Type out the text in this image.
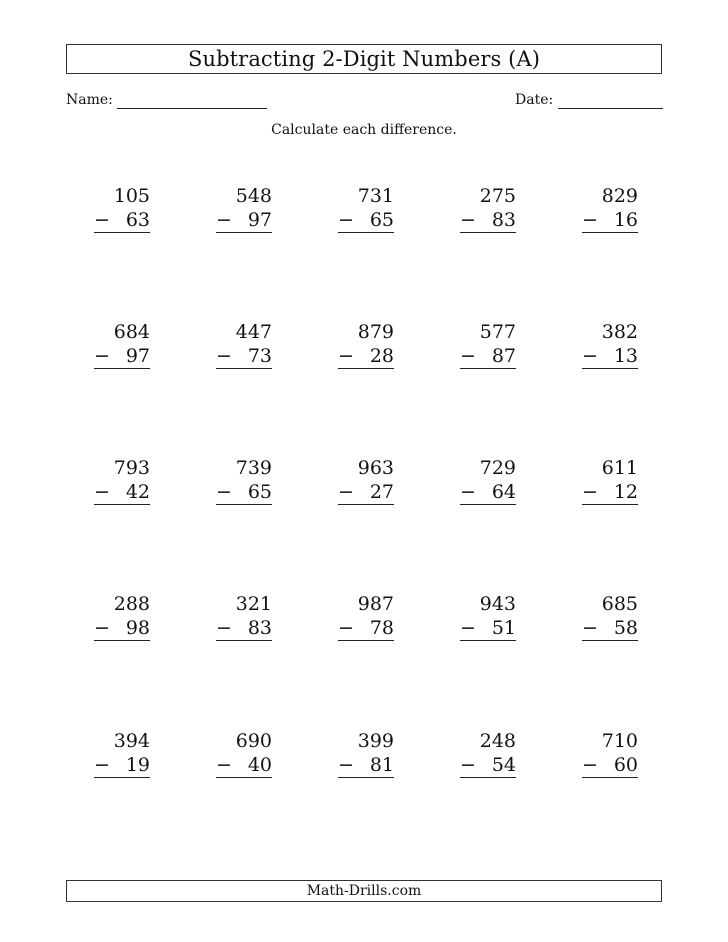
Subtracting 2-Digit Numbers (A)
Name:	Date:
Calculate each difference.
105
− 63
548
− 97
731
− 65
275
− 83
829
− 16
684
− 97
447
− 73
879
− 28
577
− 87
382
− 13
793
− 42
739
− 65
963
− 27
729
− 64
611
− 12
288
− 98
321
− 83
987
− 78
943
− 51
685
− 58
394
− 19
690
− 40
399
− 81
248
− 54
710
− 60
Math-Drills.com
